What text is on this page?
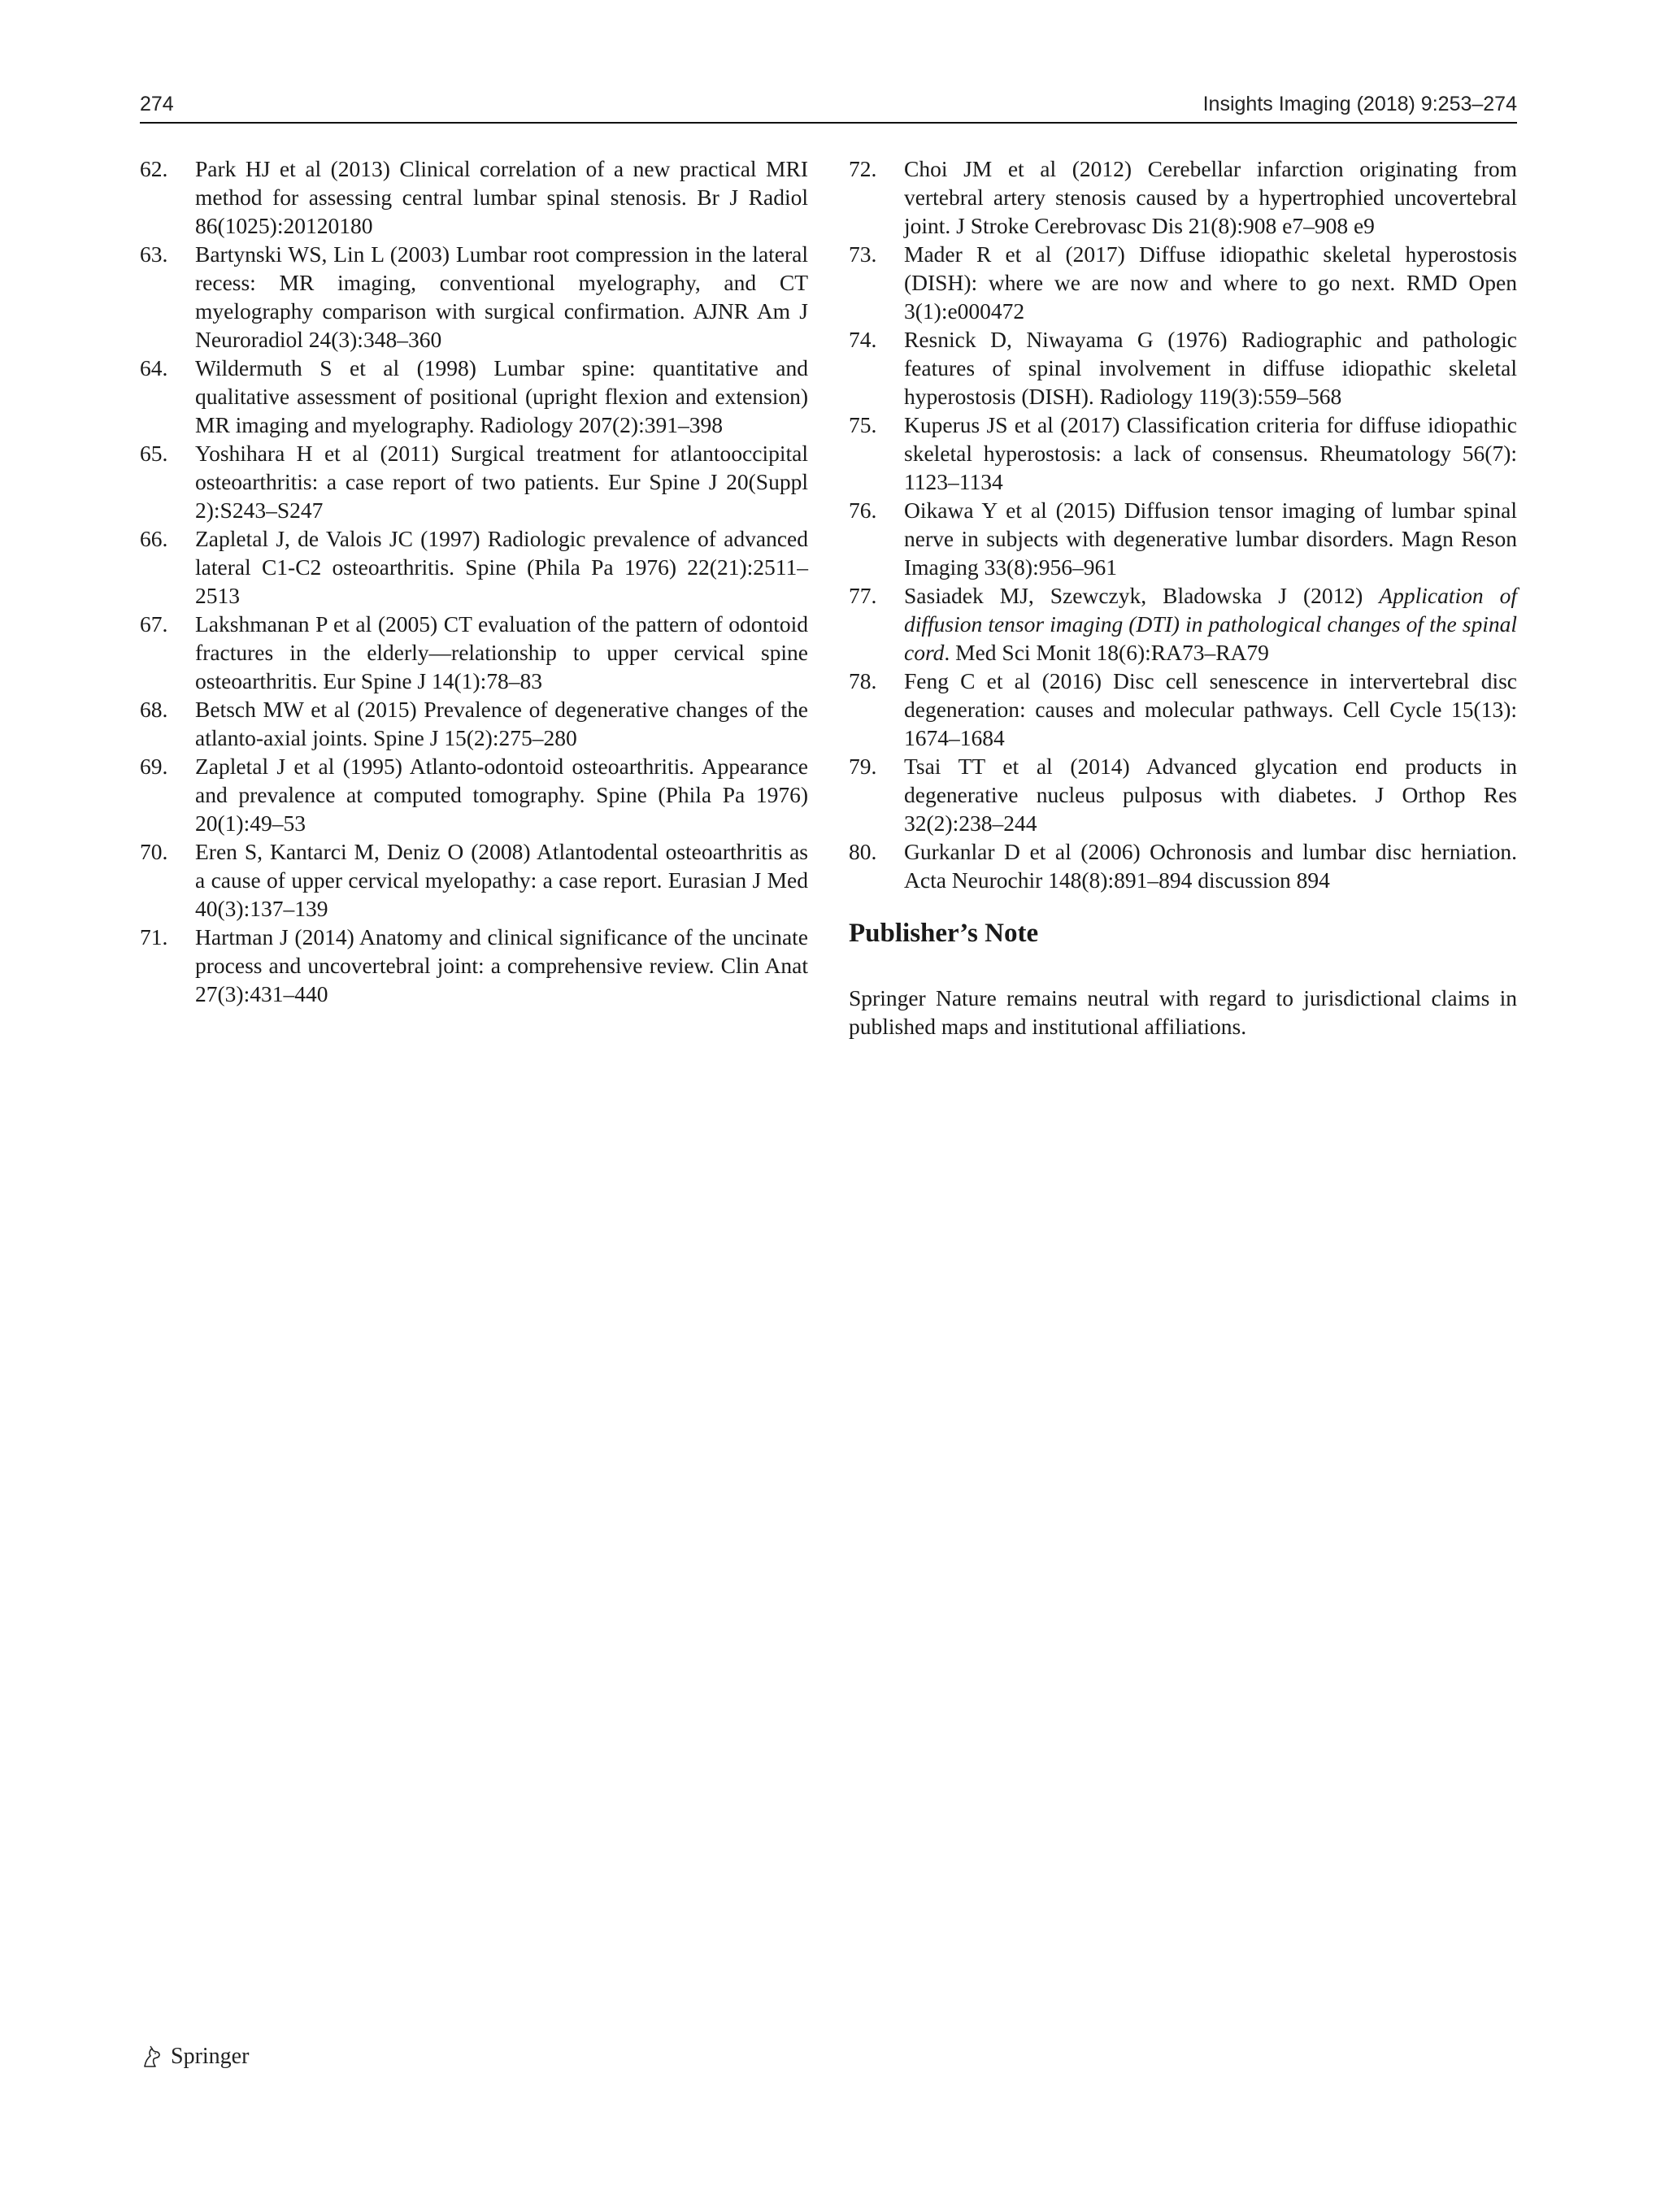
274	Insights Imaging (2018) 9:253–274
62. Park HJ et al (2013) Clinical correlation of a new practical MRI method for assessing central lumbar spinal stenosis. Br J Radiol 86(1025):20120180
63. Bartynski WS, Lin L (2003) Lumbar root compression in the lateral recess: MR imaging, conventional myelography, and CT myelography comparison with surgical confirmation. AJNR Am J Neuroradiol 24(3):348–360
64. Wildermuth S et al (1998) Lumbar spine: quantitative and qualitative assessment of positional (upright flexion and extension) MR imaging and myelography. Radiology 207(2):391–398
65. Yoshihara H et al (2011) Surgical treatment for atlantooccipital osteoarthritis: a case report of two patients. Eur Spine J 20(Suppl 2):S243–S247
66. Zapletal J, de Valois JC (1997) Radiologic prevalence of advanced lateral C1-C2 osteoarthritis. Spine (Phila Pa 1976) 22(21):2511–2513
67. Lakshmanan P et al (2005) CT evaluation of the pattern of odontoid fractures in the elderly—relationship to upper cervical spine osteoarthritis. Eur Spine J 14(1):78–83
68. Betsch MW et al (2015) Prevalence of degenerative changes of the atlanto-axial joints. Spine J 15(2):275–280
69. Zapletal J et al (1995) Atlanto-odontoid osteoarthritis. Appearance and prevalence at computed tomography. Spine (Phila Pa 1976) 20(1):49–53
70. Eren S, Kantarci M, Deniz O (2008) Atlantodental osteoarthritis as a cause of upper cervical myelopathy: a case report. Eurasian J Med 40(3):137–139
71. Hartman J (2014) Anatomy and clinical significance of the uncinate process and uncovertebral joint: a comprehensive review. Clin Anat 27(3):431–440
72. Choi JM et al (2012) Cerebellar infarction originating from vertebral artery stenosis caused by a hypertrophied uncovertebral joint. J Stroke Cerebrovasc Dis 21(8):908 e7–908 e9
73. Mader R et al (2017) Diffuse idiopathic skeletal hyperostosis (DISH): where we are now and where to go next. RMD Open 3(1):e000472
74. Resnick D, Niwayama G (1976) Radiographic and pathologic features of spinal involvement in diffuse idiopathic skeletal hyperostosis (DISH). Radiology 119(3):559–568
75. Kuperus JS et al (2017) Classification criteria for diffuse idiopathic skeletal hyperostosis: a lack of consensus. Rheumatology 56(7): 1123–1134
76. Oikawa Y et al (2015) Diffusion tensor imaging of lumbar spinal nerve in subjects with degenerative lumbar disorders. Magn Reson Imaging 33(8):956–961
77. Sasiadek MJ, Szewczyk, Bladowska J (2012) Application of diffusion tensor imaging (DTI) in pathological changes of the spinal cord. Med Sci Monit 18(6):RA73–RA79
78. Feng C et al (2016) Disc cell senescence in intervertebral disc degeneration: causes and molecular pathways. Cell Cycle 15(13): 1674–1684
79. Tsai TT et al (2014) Advanced glycation end products in degenerative nucleus pulposus with diabetes. J Orthop Res 32(2):238–244
80. Gurkanlar D et al (2006) Ochronosis and lumbar disc herniation. Acta Neurochir 148(8):891–894 discussion 894
Publisher’s Note
Springer Nature remains neutral with regard to jurisdictional claims in published maps and institutional affiliations.
Springer
